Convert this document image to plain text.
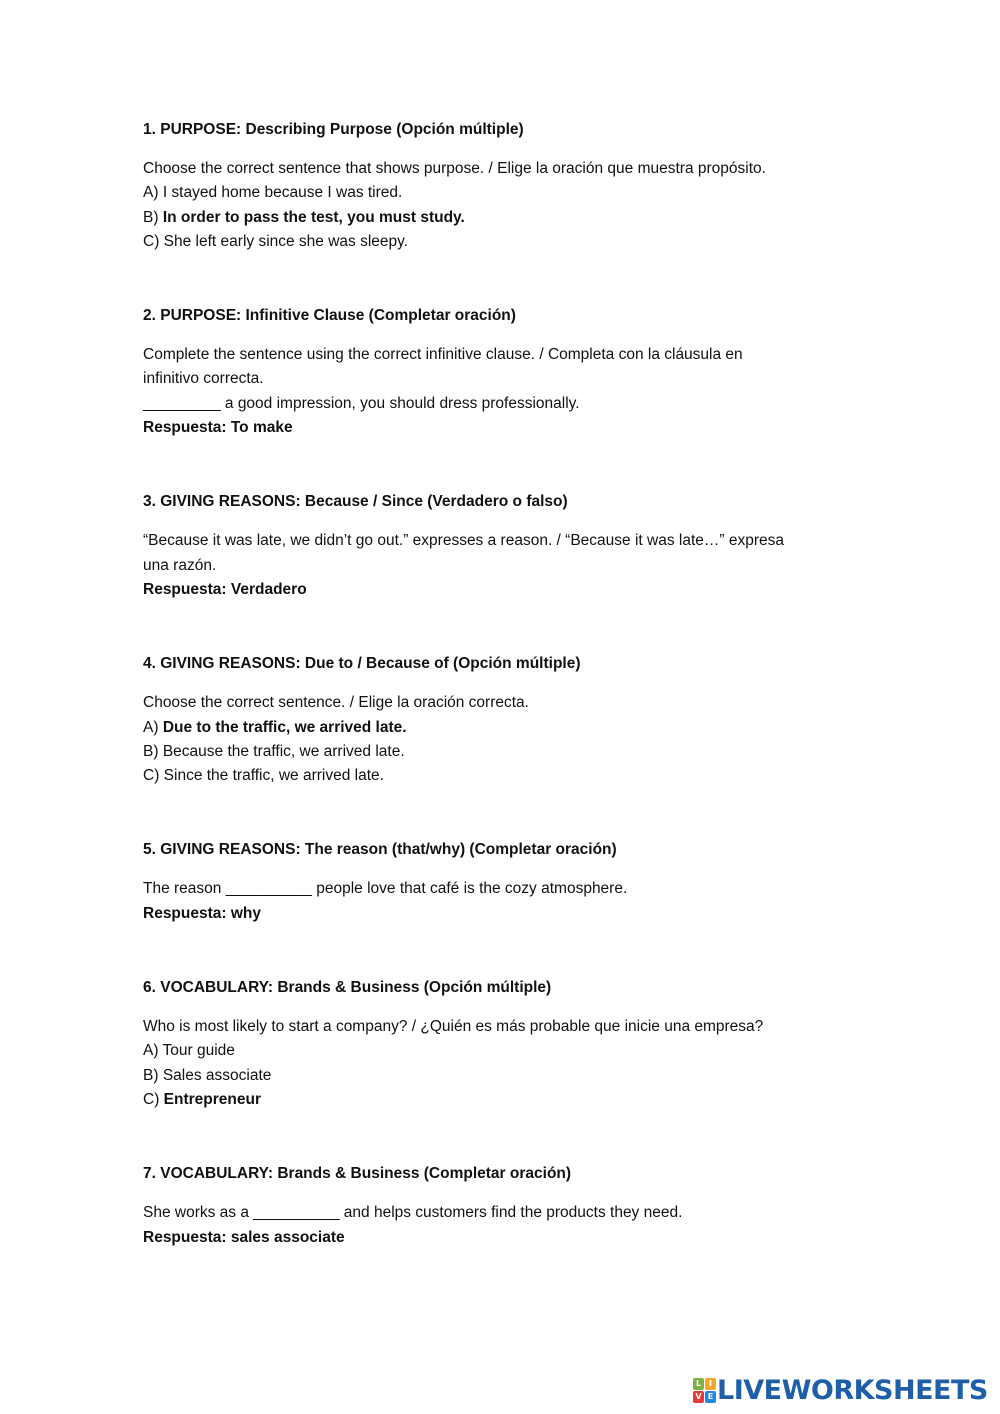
1. PURPOSE: Describing Purpose (Opción múltiple)
Choose the correct sentence that shows purpose. / Elige la oración que muestra propósito.
A) I stayed home because I was tired.
B) In order to pass the test, you must study.
C) She left early since she was sleepy.
2. PURPOSE: Infinitive Clause (Completar oración)
Complete the sentence using the correct infinitive clause. / Completa con la cláusula en
infinitivo correcta.
_________ a good impression, you should dress professionally.
Respuesta: To make
3. GIVING REASONS: Because / Since (Verdadero o falso)
“Because it was late, we didn’t go out.” expresses a reason. / “Because it was late…” expresa
una razón.
Respuesta: Verdadero
4. GIVING REASONS: Due to / Because of (Opción múltiple)
Choose the correct sentence. / Elige la oración correcta.
A) Due to the traffic, we arrived late.
B) Because the traffic, we arrived late.
C) Since the traffic, we arrived late.
5. GIVING REASONS: The reason (that/why) (Completar oración)
The reason __________ people love that café is the cozy atmosphere.
Respuesta: why
6. VOCABULARY: Brands & Business (Opción múltiple)
Who is most likely to start a company? / ¿Quién es más probable que inicie una empresa?
A) Tour guide
B) Sales associate
C) Entrepreneur
7. VOCABULARY: Brands & Business (Completar oración)
She works as a __________ and helps customers find the products they need.
Respuesta: sales associate
L I
V E LIVEWORKSHEETS
